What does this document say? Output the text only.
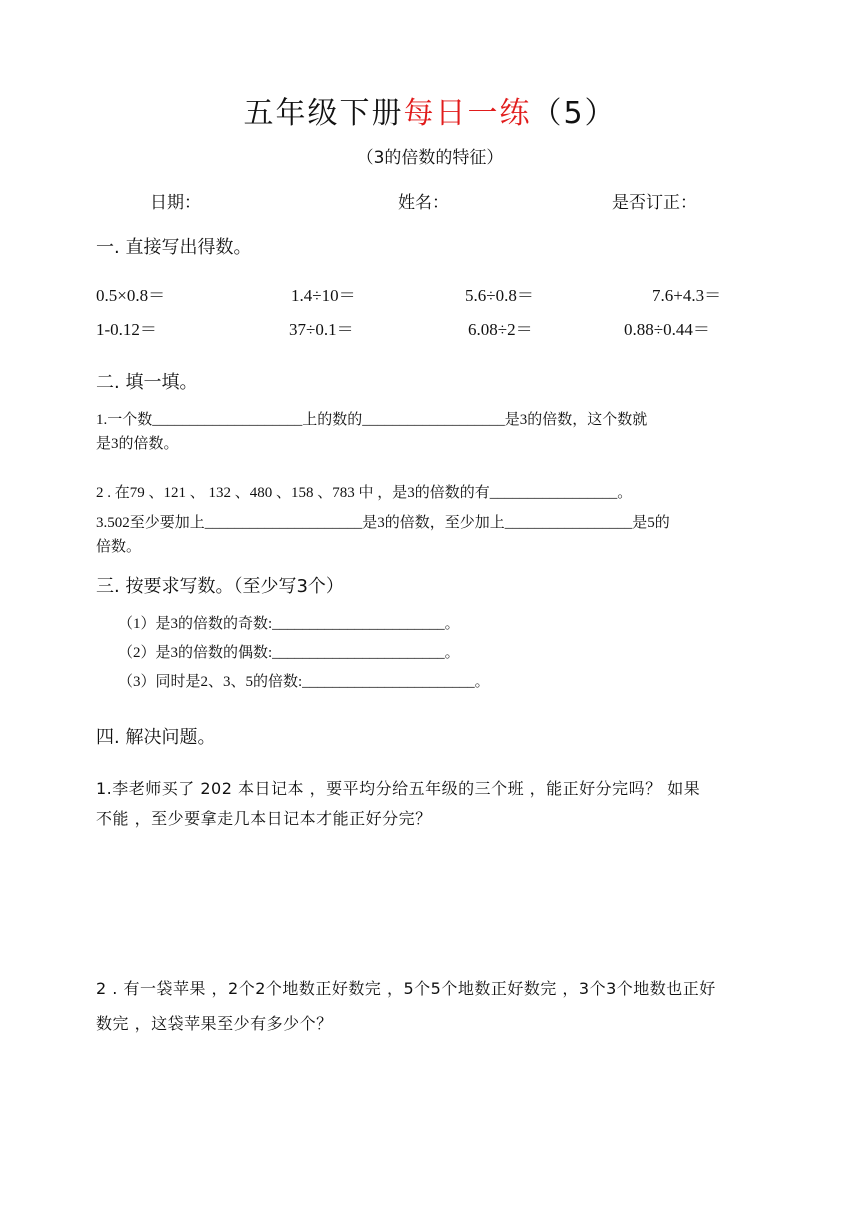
五年级下册每日一练（5）
（3的倍数的特征）
日期：	姓名：	是否订正：
一. 直接写出得数。
0.5×0.8＝	1.4÷10＝	5.6÷0.8＝	7.6+4.3＝
1-0.12＝	37÷0.1＝	6.08÷2＝	0.88÷0.44＝
二. 填一填。
1.一个数____________________上的数的___________________是3的倍数，这个数就
是3的倍数。
2 . 在79 、121 、 132 、480 、158 、783 中 ，是3的倍数的有_________________。
3.502至少要加上_____________________是3的倍数，至少加上_________________是5的
倍数。
三. 按要求写数。（至少写3个）
（1）是3的倍数的奇数:_______________________。
（2）是3的倍数的偶数:_______________________。
（3）同时是2、3、5的倍数:_______________________。
四. 解决问题。
1.李老师买了 202 本日记本 ，要平均分给五年级的三个班 ，能正好分完吗？ 如果
不能 ，至少要拿走几本日记本才能正好分完？
2 . 有一袋苹果 ，2个2个地数正好数完 ，5个5个地数正好数完 ，3个3个地数也正好
数完 ，这袋苹果至少有多少个？
